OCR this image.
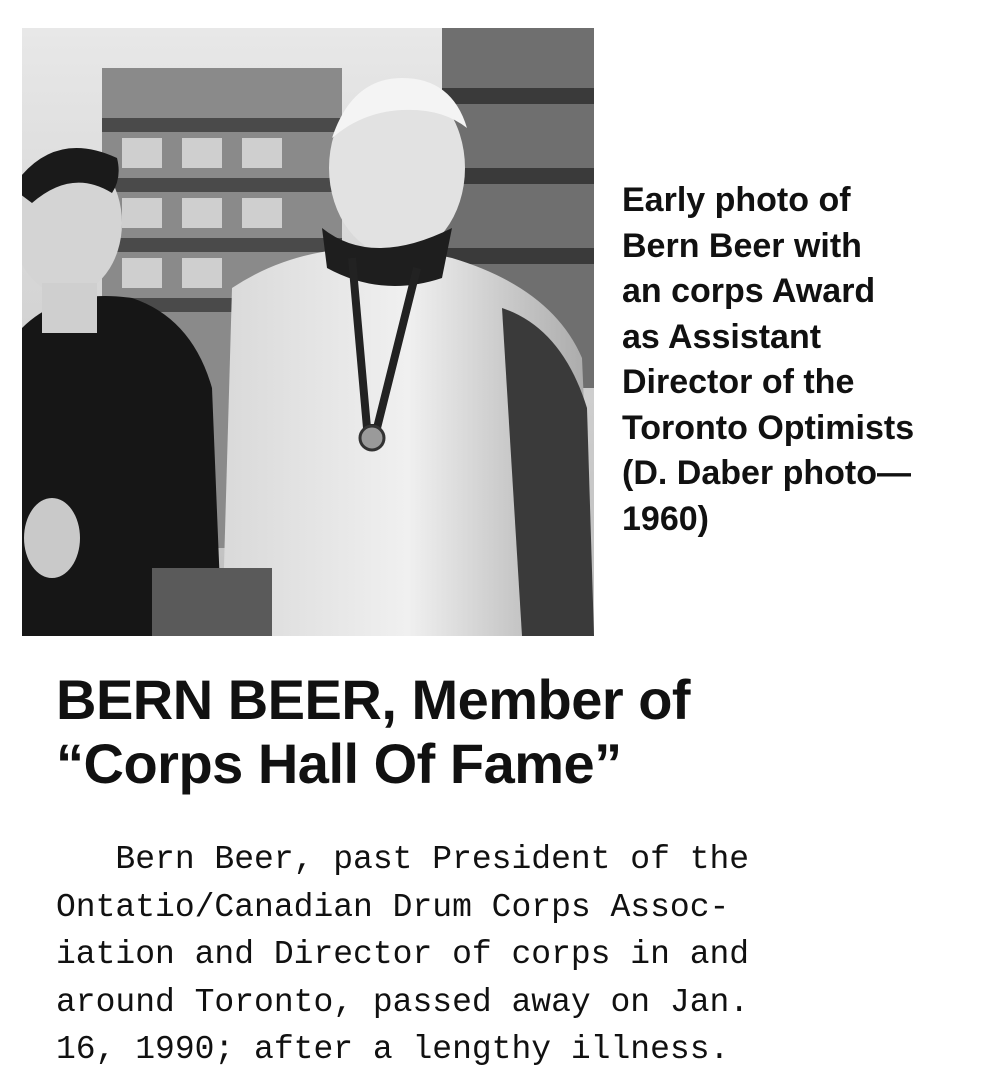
Early photo of
Bern Beer with
an corps Award
as Assistant
Director of the
Toronto Optimists
(D. Daber photo—
1960)

BERN BEER, Member of
“Corps Hall Of Fame”

Bern Beer, past President of the
Ontatio/Canadian Drum Corps Assoc-
iation and Director of corps in and
around Toronto, passed away on Jan.
16, 1990; after a lengthy illness.
